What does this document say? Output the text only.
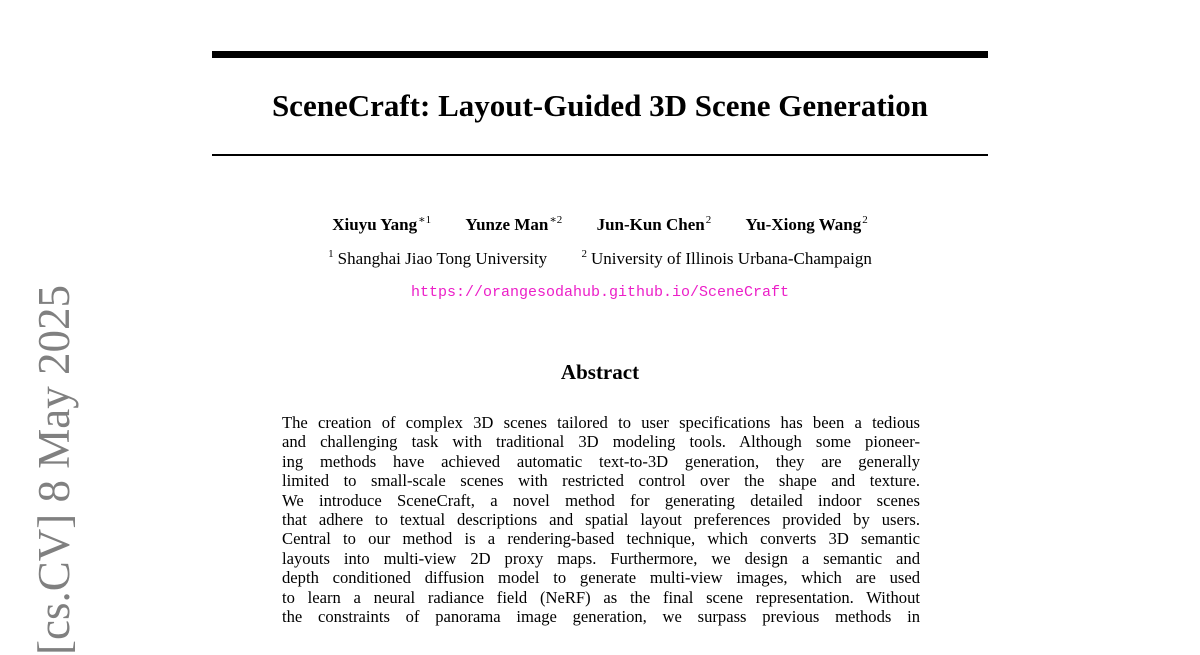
[cs.CV] 8 May 2025
SceneCraft: Layout-Guided 3D Scene Generation
Xiuyu Yang$^{∗1}$ Yunze Man$^{∗2}$ Jun-Kun Chen$^2$ Yu-Xiong Wang$^2$
$^1$ Shanghai Jiao Tong University	$^2$ University of Illinois Urbana-Champaign
https://orangesodahub.github.io/SceneCraft
Abstract
The creation of complex 3D scenes tailored to user specifications has been a tedious
and challenging task with traditional 3D modeling tools. Although some pioneer-
ing methods have achieved automatic text-to-3D generation, they are generally
limited to small-scale scenes with restricted control over the shape and texture.
We introduce SceneCraft, a novel method for generating detailed indoor scenes
that adhere to textual descriptions and spatial layout preferences provided by users.
Central to our method is a rendering-based technique, which converts 3D semantic
layouts into multi-view 2D proxy maps. Furthermore, we design a semantic and
depth conditioned diffusion model to generate multi-view images, which are used
to learn a neural radiance field (NeRF) as the final scene representation. Without
the constraints of panorama image generation, we surpass previous methods in
